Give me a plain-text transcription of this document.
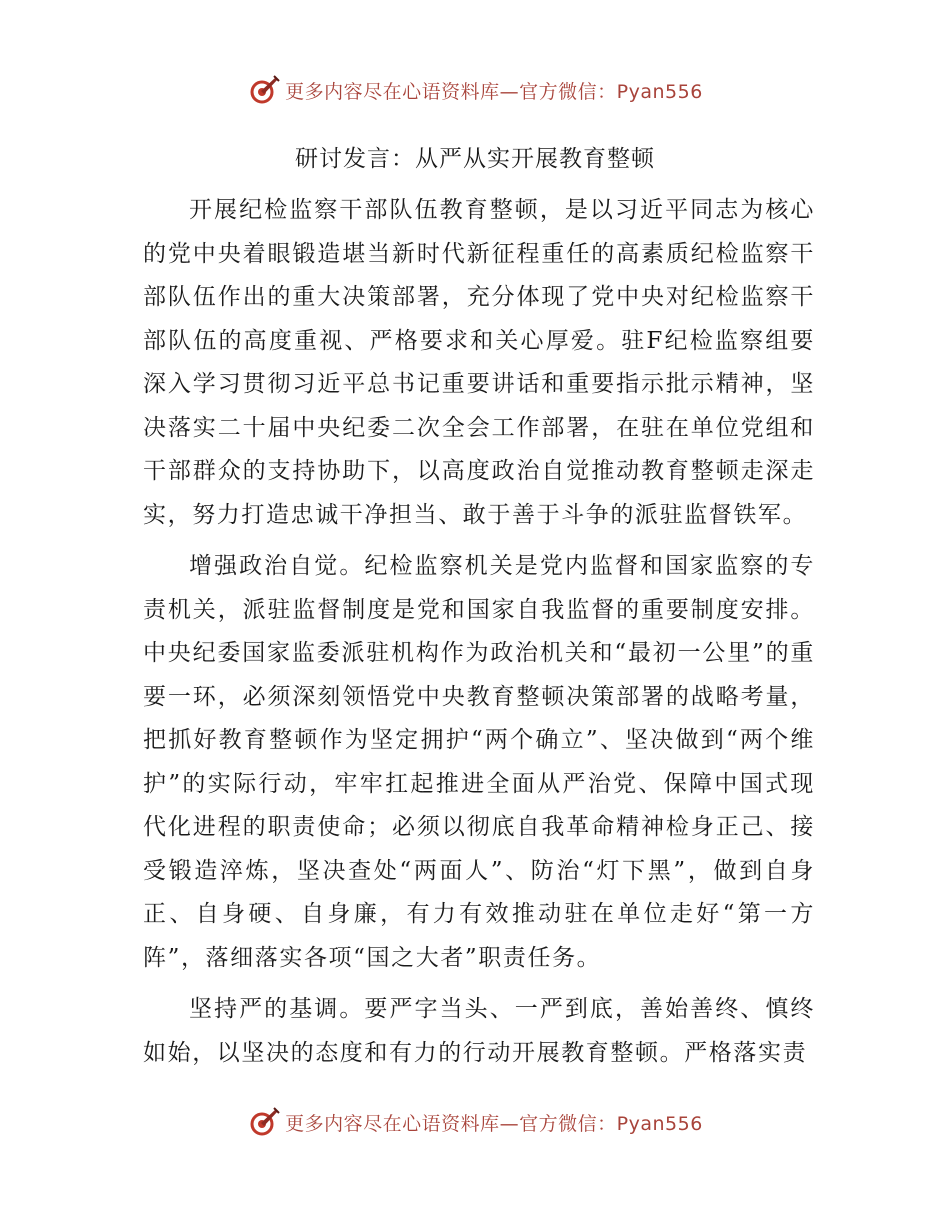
更多内容尽在心语资料库—官方微信：Pyan556
研讨发言：从严从实开展教育整顿

开展纪检监察干部队伍教育整顿，是以习近平同志为核心的党中央着眼锻造堪当新时代新征程重任的高素质纪检监察干部队伍作出的重大决策部署，充分体现了党中央对纪检监察干部队伍的高度重视、严格要求和关心厚爱。驻F纪检监察组要深入学习贯彻习近平总书记重要讲话和重要指示批示精神，坚决落实二十届中央纪委二次全会工作部署，在驻在单位党组和干部群众的支持协助下，以高度政治自觉推动教育整顿走深走实，努力打造忠诚干净担当、敢于善于斗争的派驻监督铁军。

增强政治自觉。纪检监察机关是党内监督和国家监察的专责机关，派驻监督制度是党和国家自我监督的重要制度安排。中央纪委国家监委派驻机构作为政治机关和“最初一公里”的重要一环，必须深刻领悟党中央教育整顿决策部署的战略考量，把抓好教育整顿作为坚定拥护“两个确立”、坚决做到“两个维护”的实际行动，牢牢扛起推进全面从严治党、保障中国式现代化进程的职责使命；必须以彻底自我革命精神检身正己、接受锻造淬炼，坚决查处“两面人”、防治“灯下黑”，做到自身正、自身硬、自身廉，有力有效推动驻在单位走好“第一方阵”，落细落实各项“国之大者”职责任务。

坚持严的基调。要严字当头、一严到底，善始善终、慎终如始，以坚决的态度和有力的行动开展教育整顿。严格落实责

更多内容尽在心语资料库—官方微信：Pyan556
